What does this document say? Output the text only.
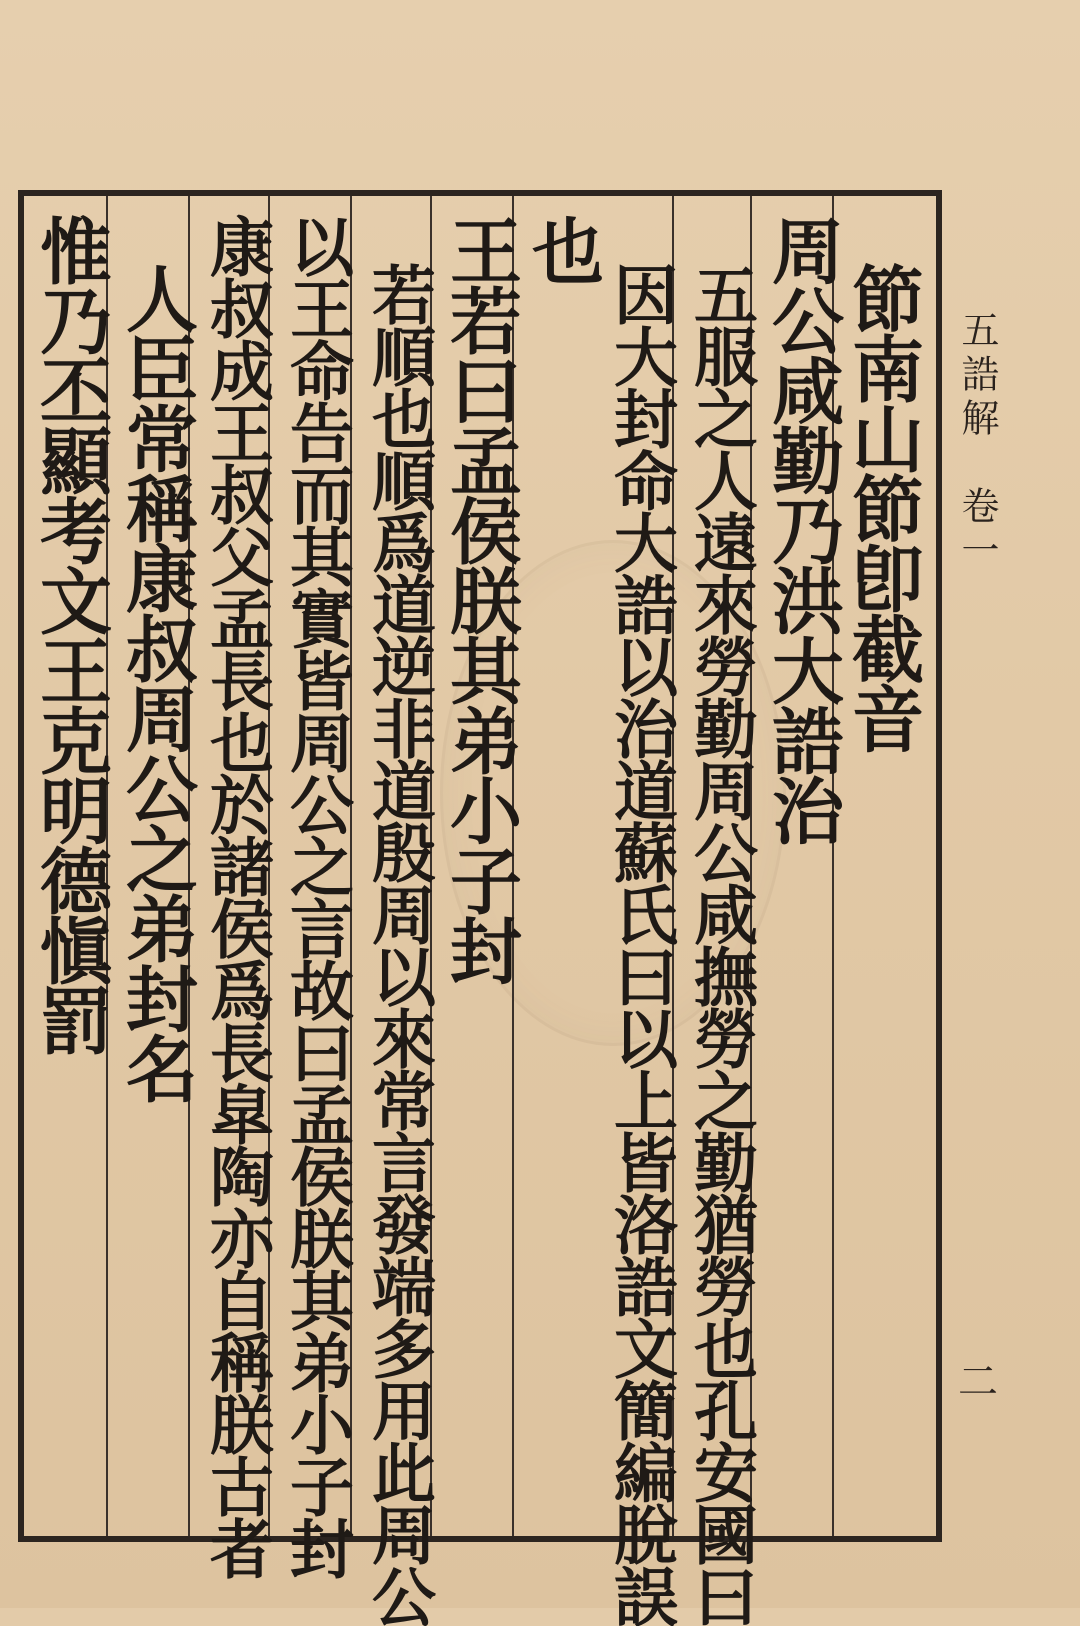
五誥解　卷一
二
節南山節卽截音
周公咸勤乃洪大誥治
五服之人遠來勞勤周公咸撫勞之勤猶勞也孔安國曰
因大封命大誥以治道蘇氏曰以上皆洛誥文簡編脫誤
也
王若曰孟侯朕其弟小子封
若順也順爲道逆非道殷周以來常言發端多用此周公
以王命告而其實皆周公之言故曰孟侯朕其弟小子封
康叔成王叔父孟長也於諸侯爲長皐陶亦自稱朕古者
人臣常稱康叔周公之弟封名
惟乃丕顯考文王克明德愼罰
